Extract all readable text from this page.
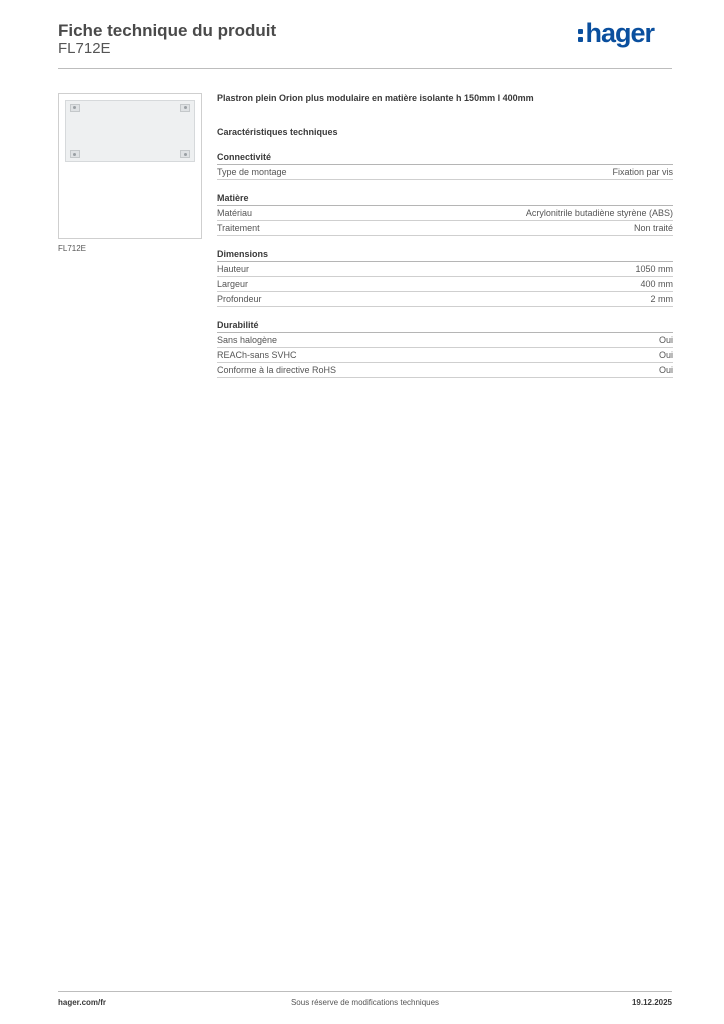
Fiche technique du produit
FL712E
hager
FL712E
Plastron plein Orion plus modulaire en matière isolante h 150mm l 400mm
Caractéristiques techniques
Connectivité
Type de montage	Fixation par vis
Matière
Matériau	Acrylonitrile butadiène styrène (ABS)
Traitement	Non traité
Dimensions
Hauteur	1050 mm
Largeur	400 mm
Profondeur	2 mm
Durabilité
Sans halogène	Oui
REACh-sans SVHC	Oui
Conforme à la directive RoHS	Oui
hager.com/fr	Sous réserve de modifications techniques	19.12.2025
